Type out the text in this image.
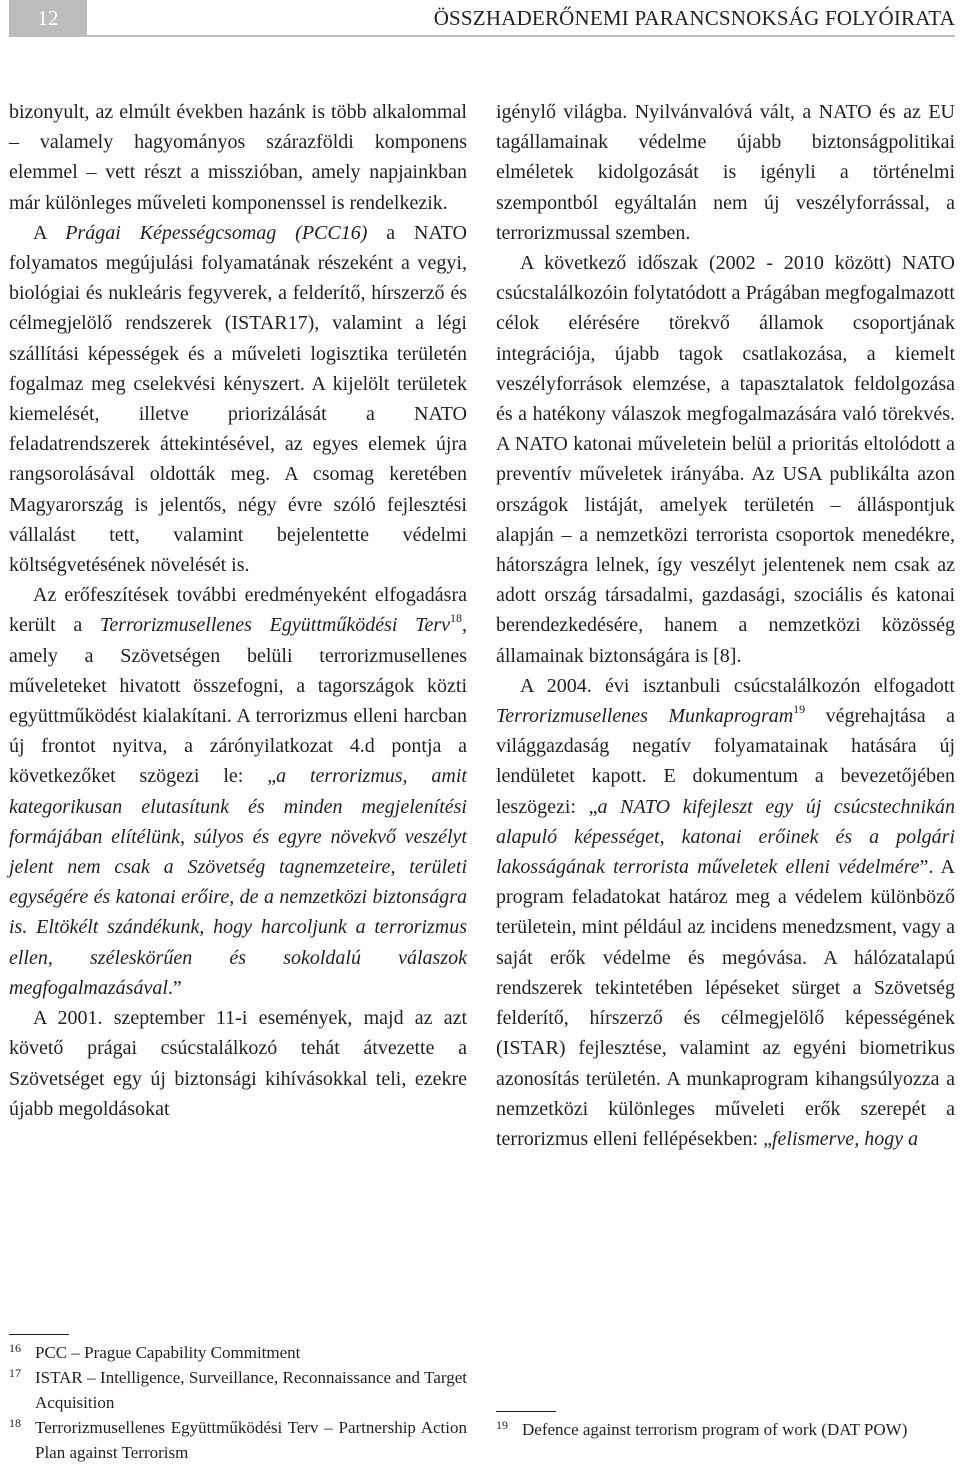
12	ÖSSZHADERŐNEMI PARANCSNOKSÁG FOLYÓIRATA

bizonyult, az elmúlt években hazánk is több alkalommal – valamely hagyományos szárazföldi komponens elemmel – vett részt a misszióban, amely napjainkban már különleges műveleti komponenssel is rendelkezik.

A Prágai Képességcsomag (PCC16) a NATO folyamatos megújulási folyamatának részeként a vegyi, biológiai és nukleáris fegyverek, a felderítő, hírszerző és célmegjelölő rendszerek (ISTAR17), valamint a légi szállítási képességek és a műveleti logisztika területén fogalmaz meg cselekvési kényszert. A kijelölt területek kiemelését, illetve priorizálását a NATO feladatrendszerek áttekintésével, az egyes elemek újra rangsorolásával oldották meg. A csomag keretében Magyarország is jelentős, négy évre szóló fejlesztési vállalást tett, valamint bejelentette védelmi költségvetésének növelését is.

Az erőfeszítések további eredményeként elfogadásra került a Terrorizmusellenes Együttműködési Terv$^{18}$, amely a Szövetségen belüli terrorizmusellenes műveleteket hivatott összefogni, a tagországok közti együttműködést kialakítani. A terrorizmus elleni harcban új frontot nyitva, a zárónyilatkozat 4.d pontja a következőket szögezi le: „a terrorizmus, amit kategorikusan elutasítunk és minden megjelenítési formájában elítélünk, súlyos és egyre növekvő veszélyt jelent nem csak a Szövetség tagnemzeteire, területi egységére és katonai erőire, de a nemzetközi biztonságra is. Eltökélt szándékunk, hogy harcoljunk a terrorizmus ellen, széleskörűen és sokoldalú válaszok megfogalmazásával.”

A 2001. szeptember 11-i események, majd az azt követő prágai csúcstalálkozó tehát átvezette a Szövetséget egy új biztonsági kihívásokkal teli, ezekre újabb megoldásokat

igénylő világba. Nyilvánvalóvá vált, a NATO és az EU tagállamainak védelme újabb biztonságpolitikai elméletek kidolgozását is igényli a történelmi szempontból egyáltalán nem új veszélyforrással, a terrorizmussal szemben.

A következő időszak (2002 - 2010 között) NATO csúcstalálkozóin folytatódott a Prágában megfogalmazott célok elérésére törekvő államok csoportjának integrációja, újabb tagok csatlakozása, a kiemelt veszélyforrások elemzése, a tapasztalatok feldolgozása és a hatékony válaszok megfogalmazására való törekvés. A NATO katonai műveletein belül a prioritás eltolódott a preventív műveletek irányába. Az USA publikálta azon országok listáját, amelyek területén – álláspontjuk alapján – a nemzetközi terrorista csoportok menedékre, hátországra lelnek, így veszélyt jelentenek nem csak az adott ország társadalmi, gazdasági, szociális és katonai berendezkedésére, hanem a nemzetközi közösség államainak biztonságára is [8].

A 2004. évi isztanbuli csúcstalálkozón elfogadott Terrorizmusellenes Munkaprogram$^{19}$ végrehajtása a világgazdaság negatív folyamatainak hatására új lendületet kapott. E dokumentum a bevezetőjében leszögezi: „a NATO kifejleszt egy új csúcstechnikán alapuló képességet, katonai erőinek és a polgári lakosságának terrorista műveletek elleni védelmére”. A program feladatokat határoz meg a védelem különböző területein, mint például az incidens menedzsment, vagy a saját erők védelme és megóvása. A hálózatalapú rendszerek tekintetében lépéseket sürget a Szövetség felderítő, hírszerző és célmegjelölő képességének (ISTAR) fejlesztése, valamint az egyéni biometrikus azonosítás területén. A munkaprogram kihangsúlyozza a nemzetközi különleges műveleti erők szerepét a terrorizmus elleni fellépésekben: „felismerve, hogy a

16 PCC – Prague Capability Commitment
17 ISTAR – Intelligence, Surveillance, Reconnaissance and Target Acquisition
18 Terrorizmusellenes Együttműködési Terv – Partnership Action Plan against Terrorism
19 Defence against terrorism program of work (DAT POW)
